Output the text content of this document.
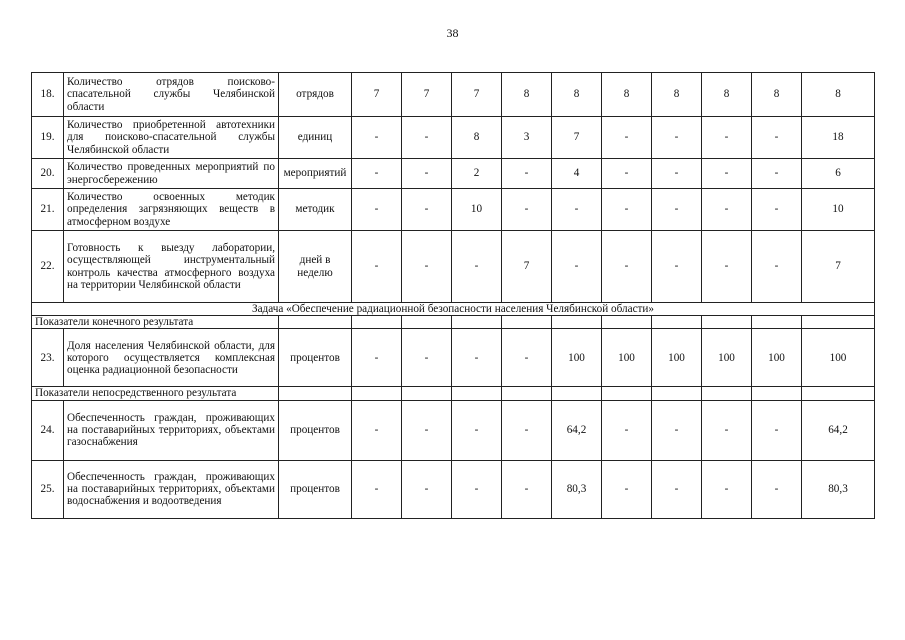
38
18.	Количество отрядов поисково-спасательной службы Челябинской области	отрядов	7	7	7	8	8	8	8	8	8	8
19.	Количество приобретенной автотехники для поисково-спасательной службы Челябинской области	единиц	-	-	8	3	7	-	-	-	-	18
20.	Количество проведенных мероприятий по энергосбережению	мероприятий	-	-	2	-	4	-	-	-	-	6
21.	Количество освоенных методик определения загрязняющих веществ в атмосферном воздухе	методик	-	-	10	-	-	-	-	-	-	10
22.	Готовность к выезду лаборатории, осуществляющей инструментальный контроль качества атмосферного воздуха на территории Челябинской области	дней в неделю	-	-	-	7	-	-	-	-	-	7
Задача «Обеспечение радиационной безопасности населения Челябинской области»												
Показатели конечного результата												
23.	Доля населения Челябинской области, для которого осуществляется комплексная оценка радиационной безопасности	процентов	-	-	-	-	100	100	100	100	100	100
Показатели непосредственного результата												
24.	Обеспеченность граждан, проживающих на поставарийных территориях, объектами газоснабжения	процентов	-	-	-	-	64,2	-	-	-	-	64,2
25.	Обеспеченность граждан, проживающих на поставарийных территориях, объектами водоснабжения и водоотведения	процентов	-	-	-	-	80,3	-	-	-	-	80,3
